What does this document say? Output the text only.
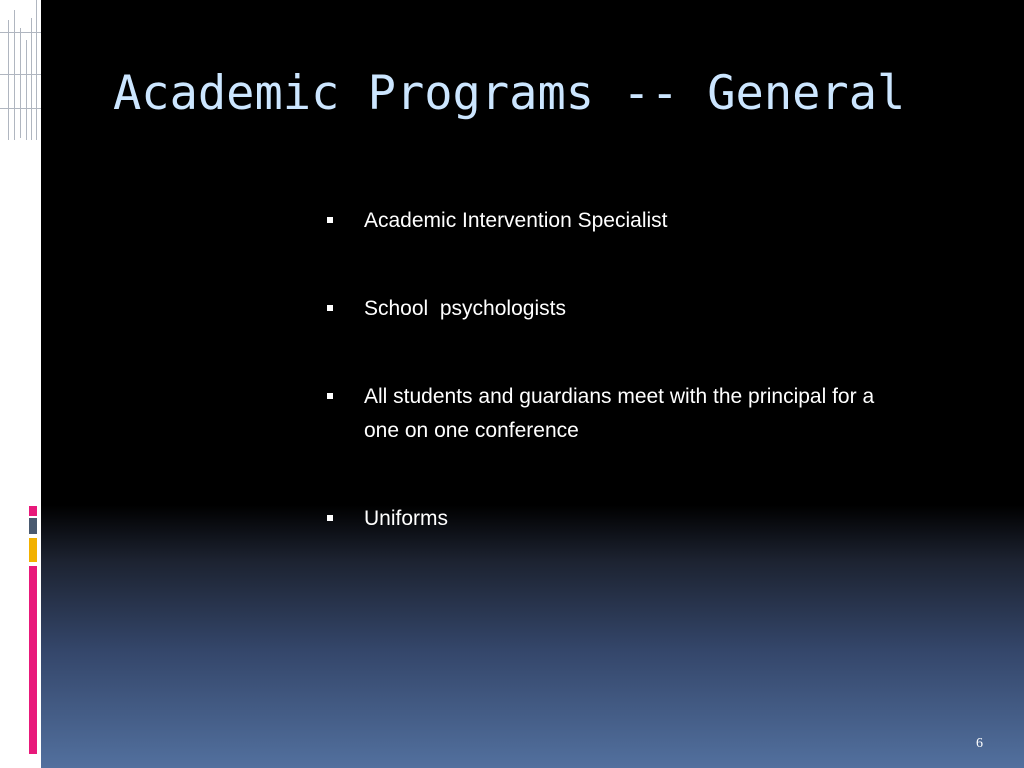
Academic Programs -- General
Academic Intervention Specialist
School  psychologists
All students and guardians meet with the principal for a one on one conference
Uniforms
6
